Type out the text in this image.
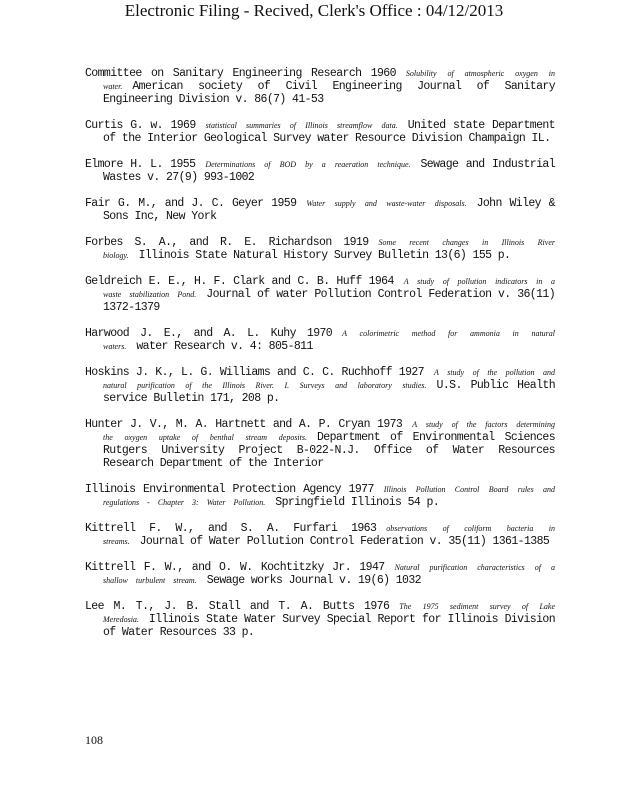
Electronic Filing - Recived, Clerk's Office : 04/12/2013

Committee on Sanitary Engineering Research 1960 Solubility of atmospheric oxygen in water. American society of Civil Engineering Journal of Sanitary Engineering Division v. 86(7) 41-53

Curtis G. w. 1969 statistical summaries of Illinois streamflow data. United state Department of the Interior Geological Survey water Resource Division Champaign IL.

Elmore H. L. 1955 Determinations of BOD by a reaeration technique. Sewage and Industrial Wastes v. 27(9) 993-1002

Fair G. M., and J. C. Geyer 1959 Water supply and waste-water disposals. John Wiley & Sons Inc, New York

Forbes S. A., and R. E. Richardson 1919 Some recent changes in Illinois River biology. Illinois State Natural History Survey Bulletin 13(6) 155 p.

Geldreich E. E., H. F. Clark and C. B. Huff 1964 A study of pollution indicators in a waste stabilization Pond. Journal of water Pollution Control Federation v. 36(11) 1372-1379

Harwood J. E., and A. L. Kuhy 1970 A colorimetric method for ammonia in natural waters. water Research v. 4: 805-811

Hoskins J. K., L. G. Williams and C. C. Ruchhoff 1927 A study of the pollution and natural purification of the Illinois River. I. Surveys and laboratory studies. U.S. Public Health service Bulletin 171, 208 p.

Hunter J. V., M. A. Hartnett and A. P. Cryan 1973 A study of the factors determining the oxygen uptake of benthal stream deposits. Department of Environmental Sciences Rutgers University Project B-022-N.J. Office of Water Resources Research Department of the Interior

Illinois Environmental Protection Agency 1977 Illinois Pollution Control Board rules and regulations - Chapter 3: Water Pollution. Springfield Illinois 54 p.

Kittrell F. W., and S. A. Furfari 1963 observations of coliform bacteria in streams. Journal of Water Pollution Control Federation v. 35(11) 1361-1385

Kittrell F. W., and O. W. Kochtitzky Jr. 1947 Natural purification characteristics of a shallow turbulent stream. Sewage works Journal v. 19(6) 1032

Lee M. T., J. B. Stall and T. A. Butts 1976 The 1975 sediment survey of Lake Meredosia. Illinois State Water Survey Special Report for Illinois Division of Water Resources 33 p.

108
